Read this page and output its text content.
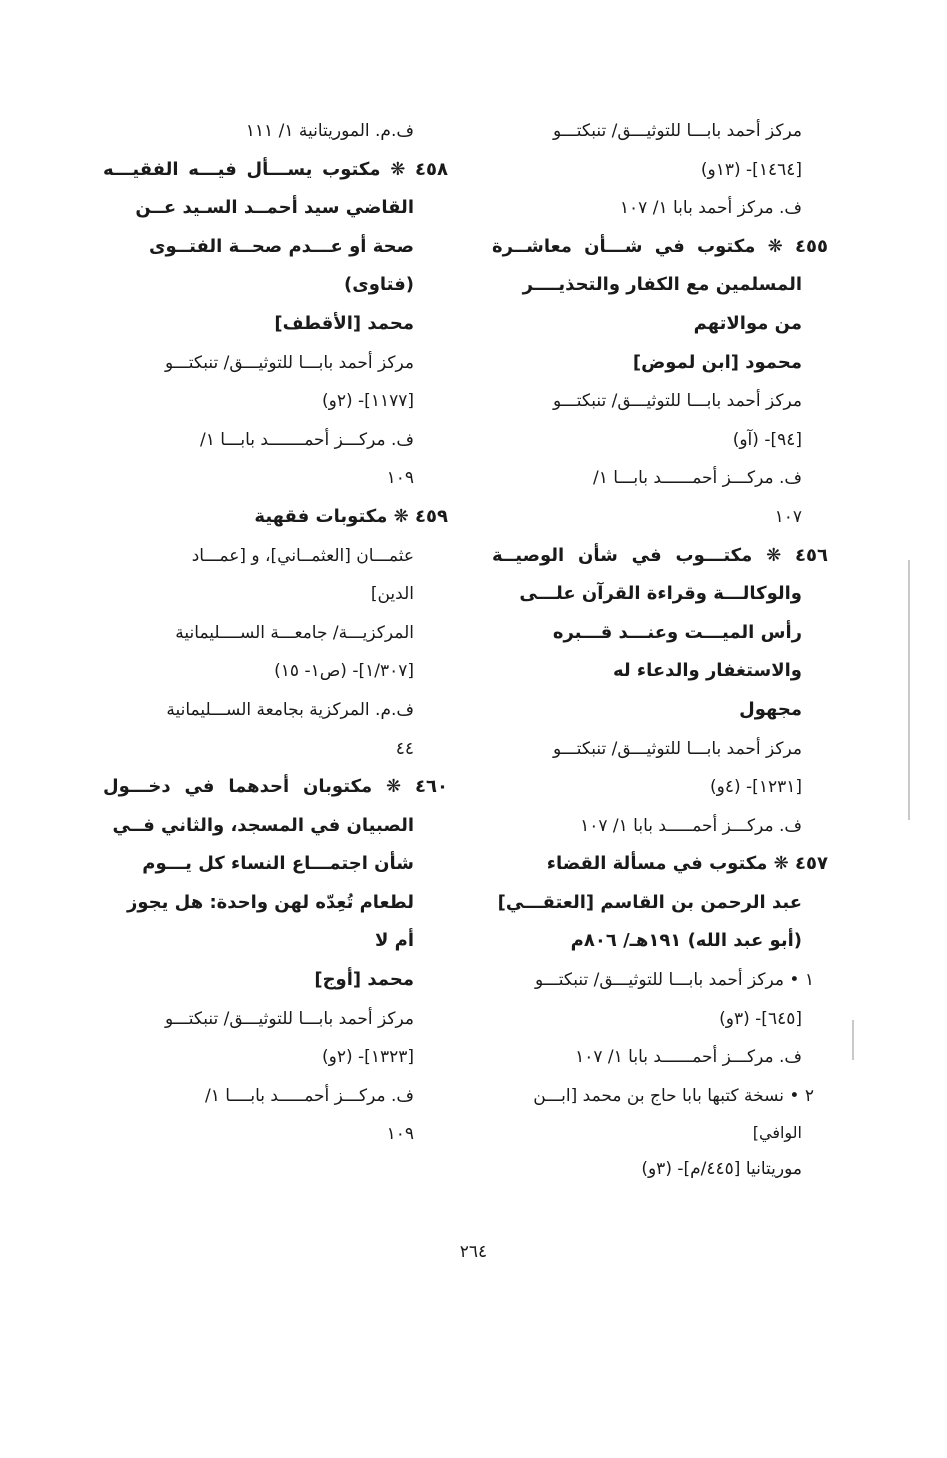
مركز أحمد بابـــا للتوثيـــق/ تنبكتـــو
[١٤٦٤]- (١٣و)
ف. مركز أحمد بابا ١/ ١٠٧
٤٥٥ ❋ مكتوب في شـــأن معاشــرة
المسلمين مع الكفار والتحذيــــر
من موالاتهم
محمود [ابن لموض]
مركز أحمد بابـــا للتوثيـــق/ تنبكتـــو
[٩٤]- (آو)
ف. مركـــز أحمــــــد بابـــا ١/
١٠٧
٤٥٦ ❋ مكتـــوب في شأن الوصيــة
والوكالـــة وقراءة القرآن علـــى
رأس الميـــت وعنـــد قـــبره
والاستغفار والدعاء له
مجهول
مركز أحمد بابـــا للتوثيـــق/ تنبكتـــو
[١٢٣١]- (٤و)
ف. مركـــز أحمـــــد بابا ١/ ١٠٧
٤٥٧ ❋ مكتوب في مسألة القضاء
عبد الرحمن بن القاسم [العتقـــي]
(أبو عبد الله) ١٩١هـ/ ٨٠٦م
١ • مركز أحمد بابـــا للتوثيـــق/ تنبكتـــو
[٦٤٥]- (٣و)
ف. مركـــز أحمــــــد بابا ١/ ١٠٧
٢ • نسخة كتبها بابا حاج بن محمد [ابـــن
الوافي]
موريتانيا [٤٤٥/م]- (٣و)
ف.م. الموريتانية ١/ ١١١
٤٥٨ ❋ مكتوب يســـأل فيـــه الفقيـــه
القاضي سيد أحمــد السـيد عــن
صحة أو عـــدم صحــة الفتــوى
(فتاوى)
محمد [الأقطف]
مركز أحمد بابـــا للتوثيـــق/ تنبكتـــو
[١١٧٧]- (٢و)
ف. مركـــز أحمـــــــد بابـــا ١/
١٠٩
٤٥٩ ❋ مكتوبات فقهية
عثمـــان [العثمــاني]، و [عمـــاد
الدين]
المركزيـــة/ جامعـــة الســــليمانية
[١/٣٠٧]- (ص١- ١٥)
ف.م. المركزية بجامعة الســـليمانية
٤٤
٤٦٠ ❋ مكتوبان أحدهما في دخـــول
الصبيان في المسجد، والثاني فــي
شأن اجتمـــاع النساء كل يـــوم
لطعام تُعِدّه لهن واحدة: هل يجوز
أم لا
محمد [أوج]
مركز أحمد بابـــا للتوثيـــق/ تنبكتـــو
[١٣٢٣]- (٢و)
ف. مركـــز أحمـــــد بابــــا ١/
١٠٩
٢٦٤
